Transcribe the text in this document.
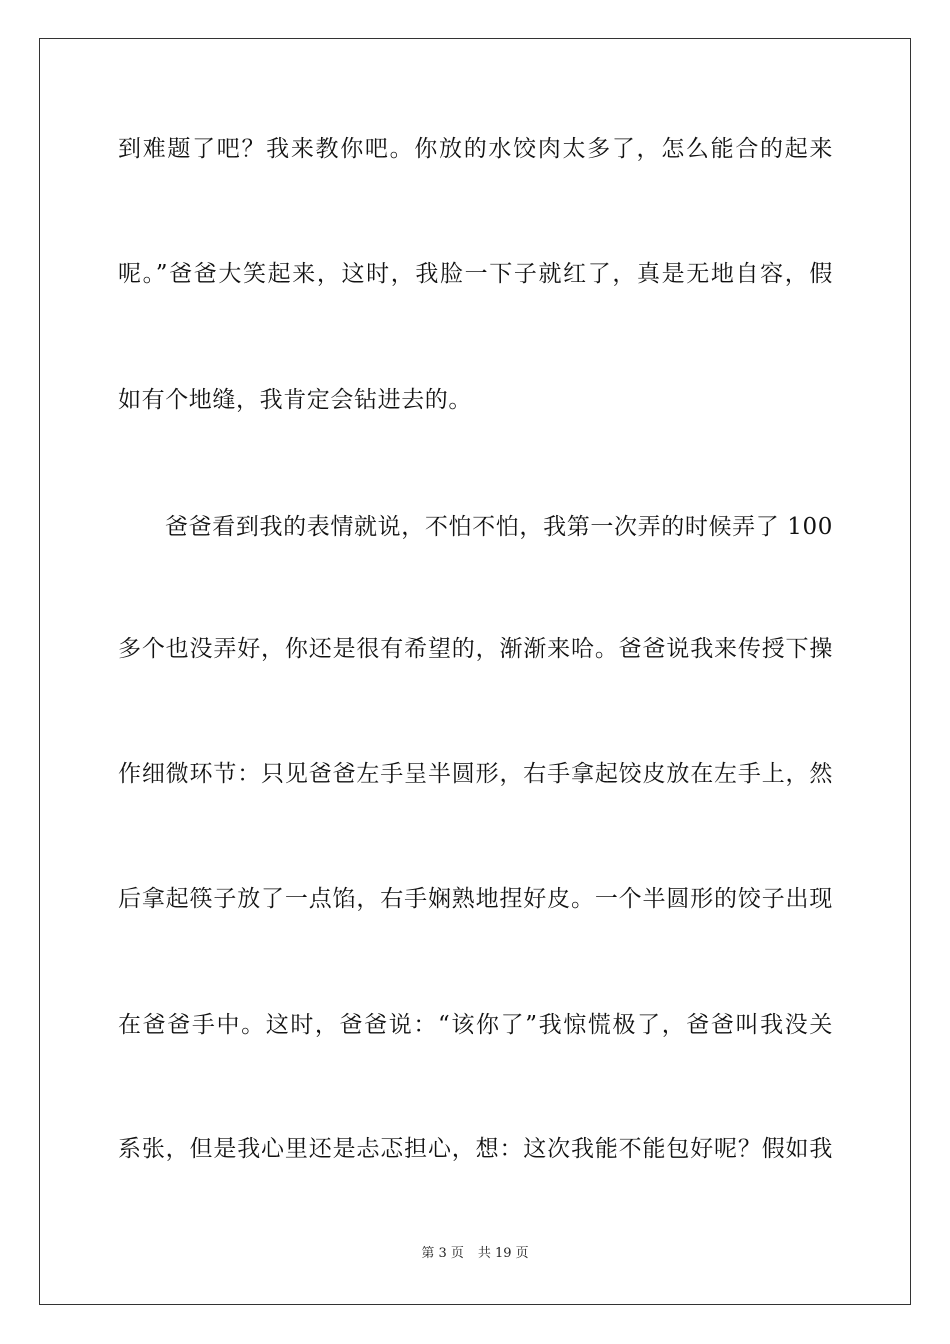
到难题了吧？我来教你吧。你放的水饺肉太多了，怎么能合的起来
呢。”爸爸大笑起来，这时，我脸一下子就红了，真是无地自容，假
如有个地缝，我肯定会钻进去的。
爸爸看到我的表情就说，不怕不怕，我第一次弄的时候弄了 100
多个也没弄好，你还是很有希望的，渐渐来哈。爸爸说我来传授下操
作细微环节：只见爸爸左手呈半圆形，右手拿起饺皮放在左手上，然
后拿起筷子放了一点馅，右手娴熟地捏好皮。一个半圆形的饺子出现
在爸爸手中。这时，爸爸说：“该你了”我惊慌极了，爸爸叫我没关
系张，但是我心里还是忐忑担心，想：这次我能不能包好呢？假如我
第 3 页 共 19 页
